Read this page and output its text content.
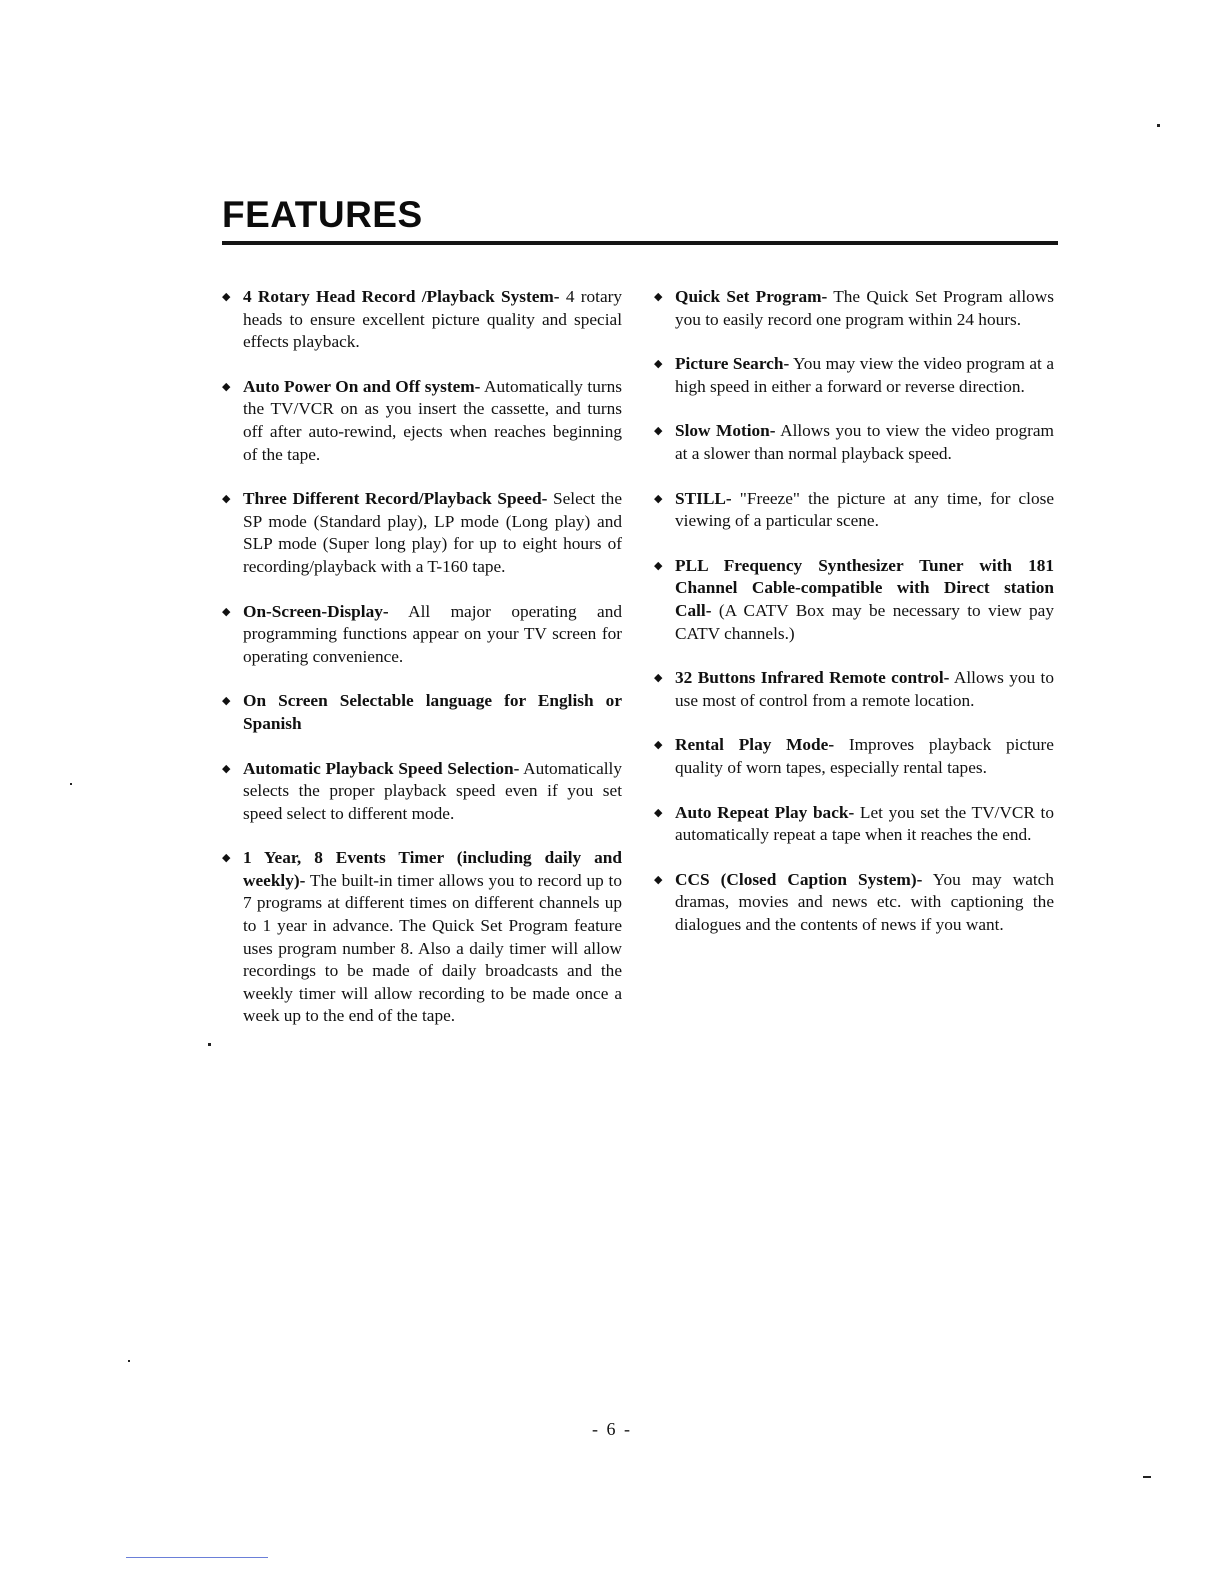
FEATURES
◆ 4 Rotary Head Record /Playback System- 4 rotary heads to ensure excellent picture quality and special effects playback.
◆ Auto Power On and Off system- Automatically turns the TV/VCR on as you insert the cassette, and turns off after auto-rewind, ejects when reaches beginning of the tape.
◆ Three Different Record/Playback Speed- Select the SP mode (Standard play), LP mode (Long play) and SLP mode (Super long play) for up to eight hours of recording/playback with a T-160 tape.
◆ On-Screen-Display- All major operating and programming functions appear on your TV screen for operating convenience.
◆ On Screen Selectable language for English or Spanish
◆ Automatic Playback Speed Selection- Automatically selects the proper playback speed even if you set speed select to different mode.
◆ 1 Year, 8 Events Timer (including daily and weekly)- The built-in timer allows you to record up to 7 programs at different times on different channels up to 1 year in advance. The Quick Set Program feature uses program number 8. Also a daily timer will allow recordings to be made of daily broadcasts and the weekly timer will allow recording to be made once a week up to the end of the tape.
◆ Quick Set Program- The Quick Set Program allows you to easily record one program within 24 hours.
◆ Picture Search- You may view the video program at a high speed in either a forward or reverse direction.
◆ Slow Motion- Allows you to view the video program at a slower than normal playback speed.
◆ STILL- "Freeze" the picture at any time, for close viewing of a particular scene.
◆ PLL Frequency Synthesizer Tuner with 181 Channel Cable-compatible with Direct station Call- (A CATV Box may be necessary to view pay CATV channels.)
◆ 32 Buttons Infrared Remote control- Allows you to use most of control from a remote location.
◆ Rental Play Mode- Improves playback picture quality of worn tapes, especially rental tapes.
◆ Auto Repeat Play back- Let you set the TV/VCR to automatically repeat a tape when it reaches the end.
◆ CCS (Closed Caption System)- You may watch dramas, movies and news etc. with captioning the dialogues and the contents of news if you want.
- 6 -
